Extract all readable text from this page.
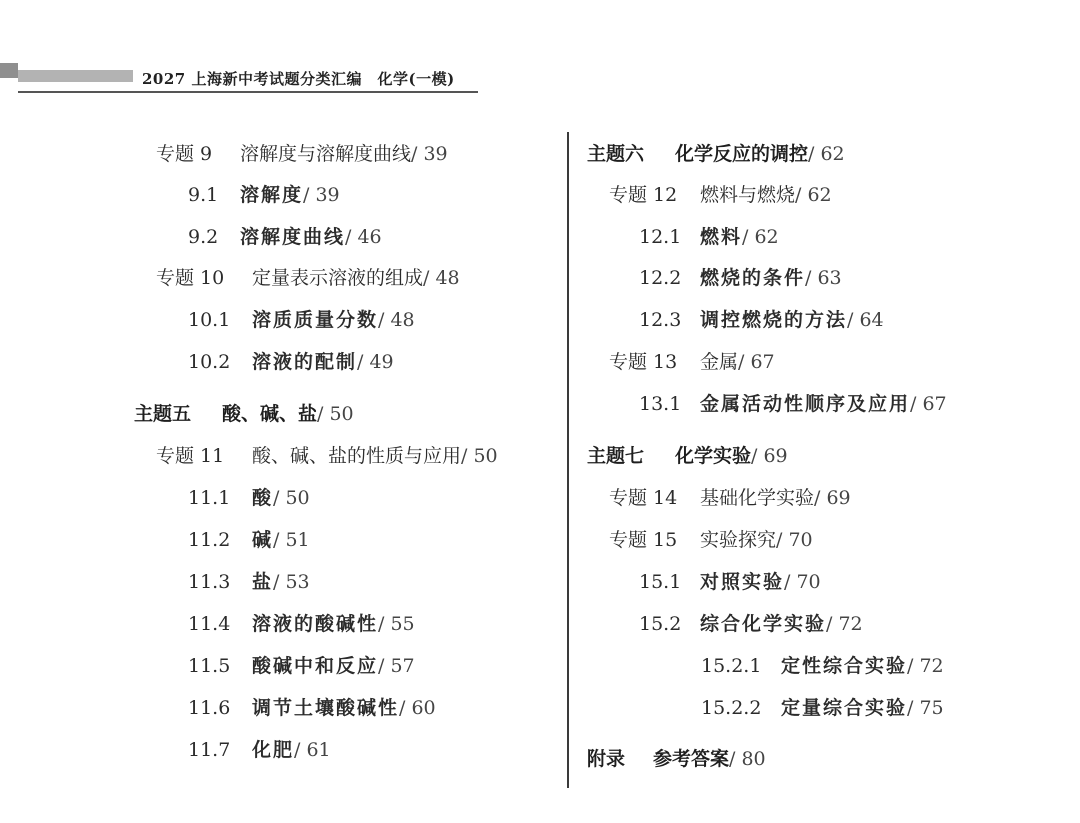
2027 上海新中考试题分类汇编　化学(一模)
专题 9 溶解度与溶解度曲线/ 39
9.1 溶解度/ 39
9.2 溶解度曲线/ 46
专题 10 定量表示溶液的组成/ 48
10.1 溶质质量分数/ 48
10.2 溶液的配制/ 49
主题五 酸、碱、盐/ 50
专题 11 酸、碱、盐的性质与应用/ 50
11.1 酸/ 50
11.2 碱/ 51
11.3 盐/ 53
11.4 溶液的酸碱性/ 55
11.5 酸碱中和反应/ 57
11.6 调节土壤酸碱性/ 60
11.7 化肥/ 61
主题六 化学反应的调控/ 62
专题 12 燃料与燃烧/ 62
12.1 燃料/ 62
12.2 燃烧的条件/ 63
12.3 调控燃烧的方法/ 64
专题 13 金属/ 67
13.1 金属活动性顺序及应用/ 67
主题七 化学实验/ 69
专题 14 基础化学实验/ 69
专题 15 实验探究/ 70
15.1 对照实验/ 70
15.2 综合化学实验/ 72
15.2.1 定性综合实验/ 72
15.2.2 定量综合实验/ 75
附录 参考答案/ 80
